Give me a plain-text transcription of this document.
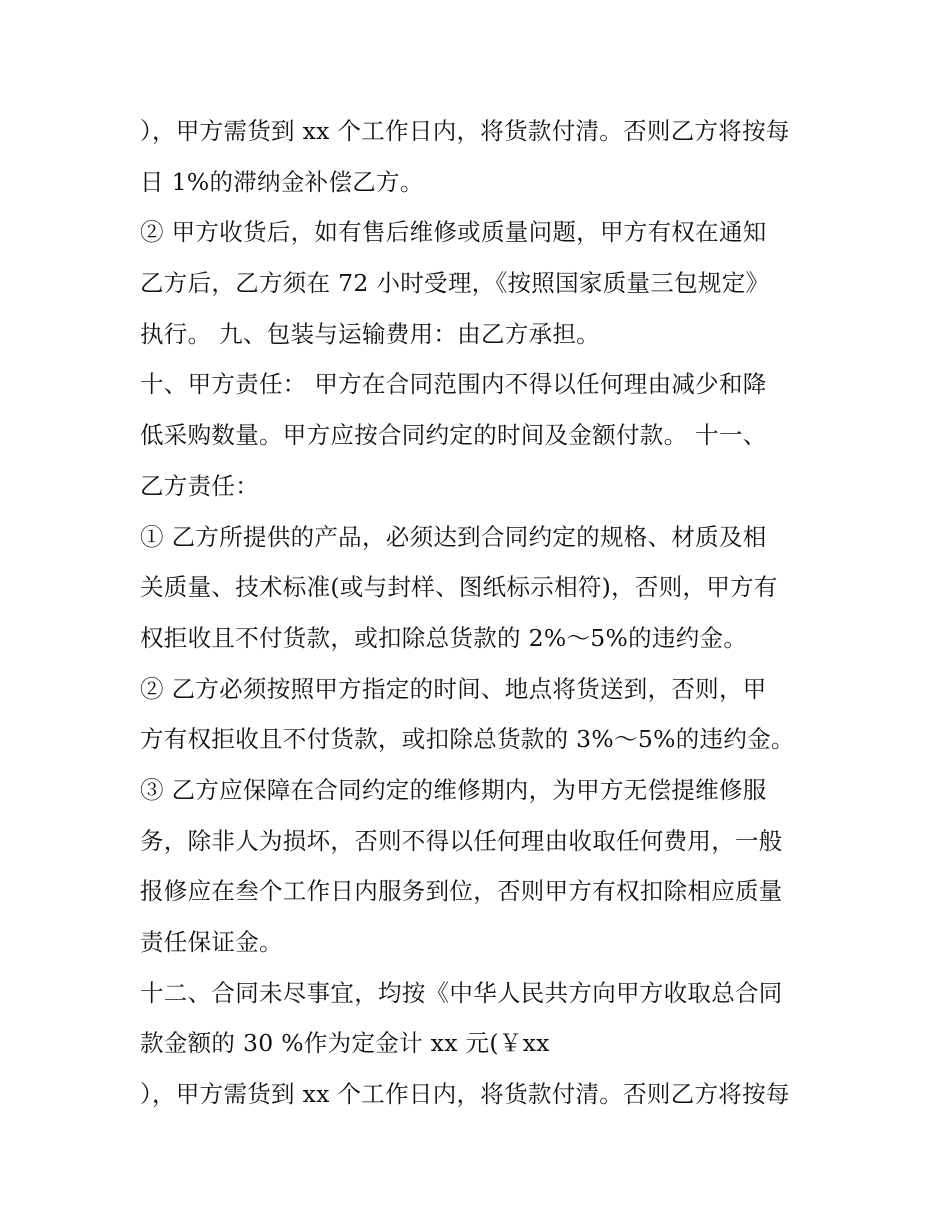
），甲方需货到 xx 个工作日内，将货款付清。否则乙方将按每

日 1%的滞纳金补偿乙方。

② 甲方收货后，如有售后维修或质量问题，甲方有权在通知

乙方后，乙方须在 72 小时受理，《按照国家质量三包规定》

执行。 九、包装与运输费用：由乙方承担。

十、甲方责任： 甲方在合同范围内不得以任何理由减少和降

低采购数量。甲方应按合同约定的时间及金额付款。 十一、

乙方责任：

① 乙方所提供的产品，必须达到合同约定的规格、材质及相

关质量、技术标准(或与封样、图纸标示相符)，否则，甲方有

权拒收且不付货款，或扣除总货款的 2%～5%的违约金。

② 乙方必须按照甲方指定的时间、地点将货送到，否则，甲

方有权拒收且不付货款，或扣除总货款的 3%～5%的违约金。

③ 乙方应保障在合同约定的维修期内，为甲方无偿提维修服

务，除非人为损坏，否则不得以任何理由收取任何费用，一般

报修应在叁个工作日内服务到位，否则甲方有权扣除相应质量

责任保证金。

十二、合同未尽事宜，均按《中华人民共方向甲方收取总合同

款金额的 30 %作为定金计 xx 元(￥xx

），甲方需货到 xx 个工作日内，将货款付清。否则乙方将按每
